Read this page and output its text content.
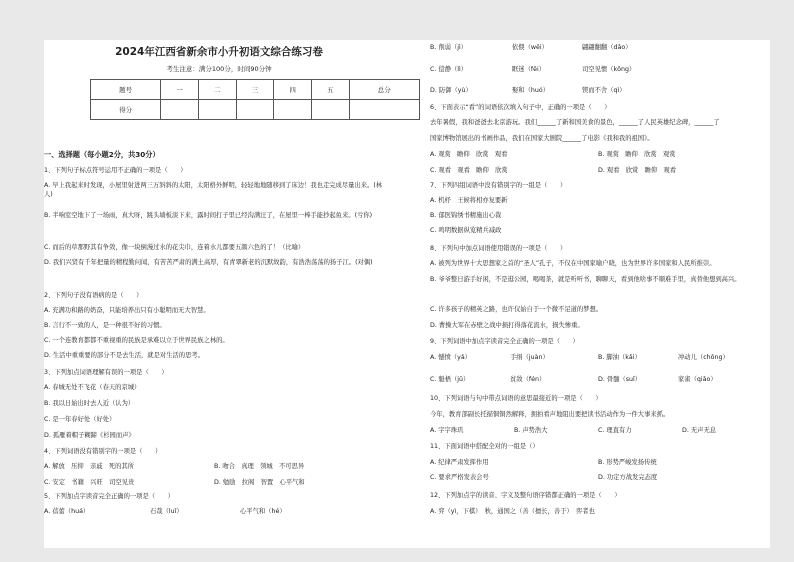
2024年江西省新余市小升初语文综合练习卷
考生注意：满分100分，时间90分钟
题号	一	二	三	四	五	总分
得分						
一、选择题（每小题2分，共30分）
1、下列句子标点符号运用不正确的一项是（　　）
A. 早上我起来时发现，小屋里射进两三万斜斜的太阳，太阳格外鲜明，轻轻地地随移到了床边！我也走完成尽量出来。(林人)
B. 半响室空地下了一场雨，真大呀，跳头墙板淡下来，露时间打子里已经沟满汪了，在屋里一棒手能抄起鱼来。(亏你)
C. 而后的草那野其有争敛，像一块倒漫过水的花尖巾，连着水儿都要五颜六色的了！（比喻）
D. 我们兴贤有千年把量的精程勤问闻，有苦苦严肃的满土高厚，有青翠新老的沉默故韵，有浩浩荡荡的扬子江。(对偶)
2、下列句子没有语病的是（　　）
A. 充满功和路的奶奋，只能培养出只有小聪明而无大智慧。
B. 言行不一致的人，是一种很不好的习惯。
C. 一个连教育都都不重视重的民族是承难以立于世界民族之林的。
D. 生活中重重要的部分不是去生活，就是对生活的思考。
3、下列加点词语理解有误的一项是（　　）
A. 春城无处不飞花（春天的京城）
B. 我以日始出时去人近（认为）
C. 是一年春好处（好处）
D. 孤雁着帽子糊蹄《杉园而声》
4、下列词语没有错别字的一项是（　　）
A. 解放　压抑　亲戚　死的其所	B. 吻合　真理　领城　不可思异
C. 安定　书籍　兴旺　司空见贵	D. 勉励　拉阁　智置　心平气和
5、下列加点字读音完全正确的一项是（　　）
A. 蓓蕾（huá）	石哉（luǐ）	心平气和（hé）
B. 削弱（jì）	依偎（wēi）	翩翩翻翻（dǎo）
C. 偿静（lì）	眶迷（fěi）	司空见惯（kōng）
D. 防御（yù）	娶和（huó）	锲而不舍（qì）
6、下面表示“看”的词语依次填入句子中，正确的一项是（　　）
去年暑假，我和爸爸去北京游玩。我们______了新和国美食的景色，______了人民英雄纪念碑，______了
国家博物馆展出的书画作品，我们在国家大剧院______了电影《我和我的祖国》。
A. 观赏　瞻仰　欣赏　观看	B. 观赏　瞻仰　欣赏　观赏
C. 观看　观看　瞻仰　欣赏	D. 观看　欣赏　瞻仰　观看
7、下列四组词语中没有错别字的一组是（　　）
A. 机杼　王候将相亦复要新
B. 郁医锦绣书精施出心裁
C. 鸣明数据纵览精兵减政
8、下列句中加点词语使用错误的一项是（　　）
A. 被列为世界十大思想家之首的“圣人”孔子，不仅在中国家喻户晓，也为世界许多国家和人民所推崇。
B. 爷爷整日游手好闲，不是逛公园，喝喝茶，就是听听书，聊聊天，看到他啥事不顺难手里，真替他想到高兴。
C. 许多孩子的精英之路，也许仅始自于一个微不足道的梦想。
D. 曹操大军在赤壁之战中损打得落花流水，损失惨重。
9、下列词语中加点字读音完全正确的一项是（　　）
A. 憾愤（yǎ）	手绢（juàn）	B. 脚油（kǎi）	冲动儿（chōng）
C. 魁梧（jǔ）	贫敌（fén）	D. 骨髓（suǐ）	家雀（qiǎo）
10、下列词语与句中带点词语的意思最接近的一项是（　　）
今年，教育部副长托描铜铜然解释，拥拍看声地阻出要把读书活动作为一件大事来抓。
A. 字字珠玑	B. 声势浩大	C. 理直有力	D. 无声无息
11、下面词语中搭配全对的一组是（）
A. 纪律严肃发挥作用	B. 形势严峻发扬传统
C. 要求严格发表会号	D. 功定方战发完态度
12、下列加点字的读音、字义及整句语序错都正确的一项是（　　）
A. 弈（yì，下棋）　秋，通国之（善（擅长，善于）　弈者也
